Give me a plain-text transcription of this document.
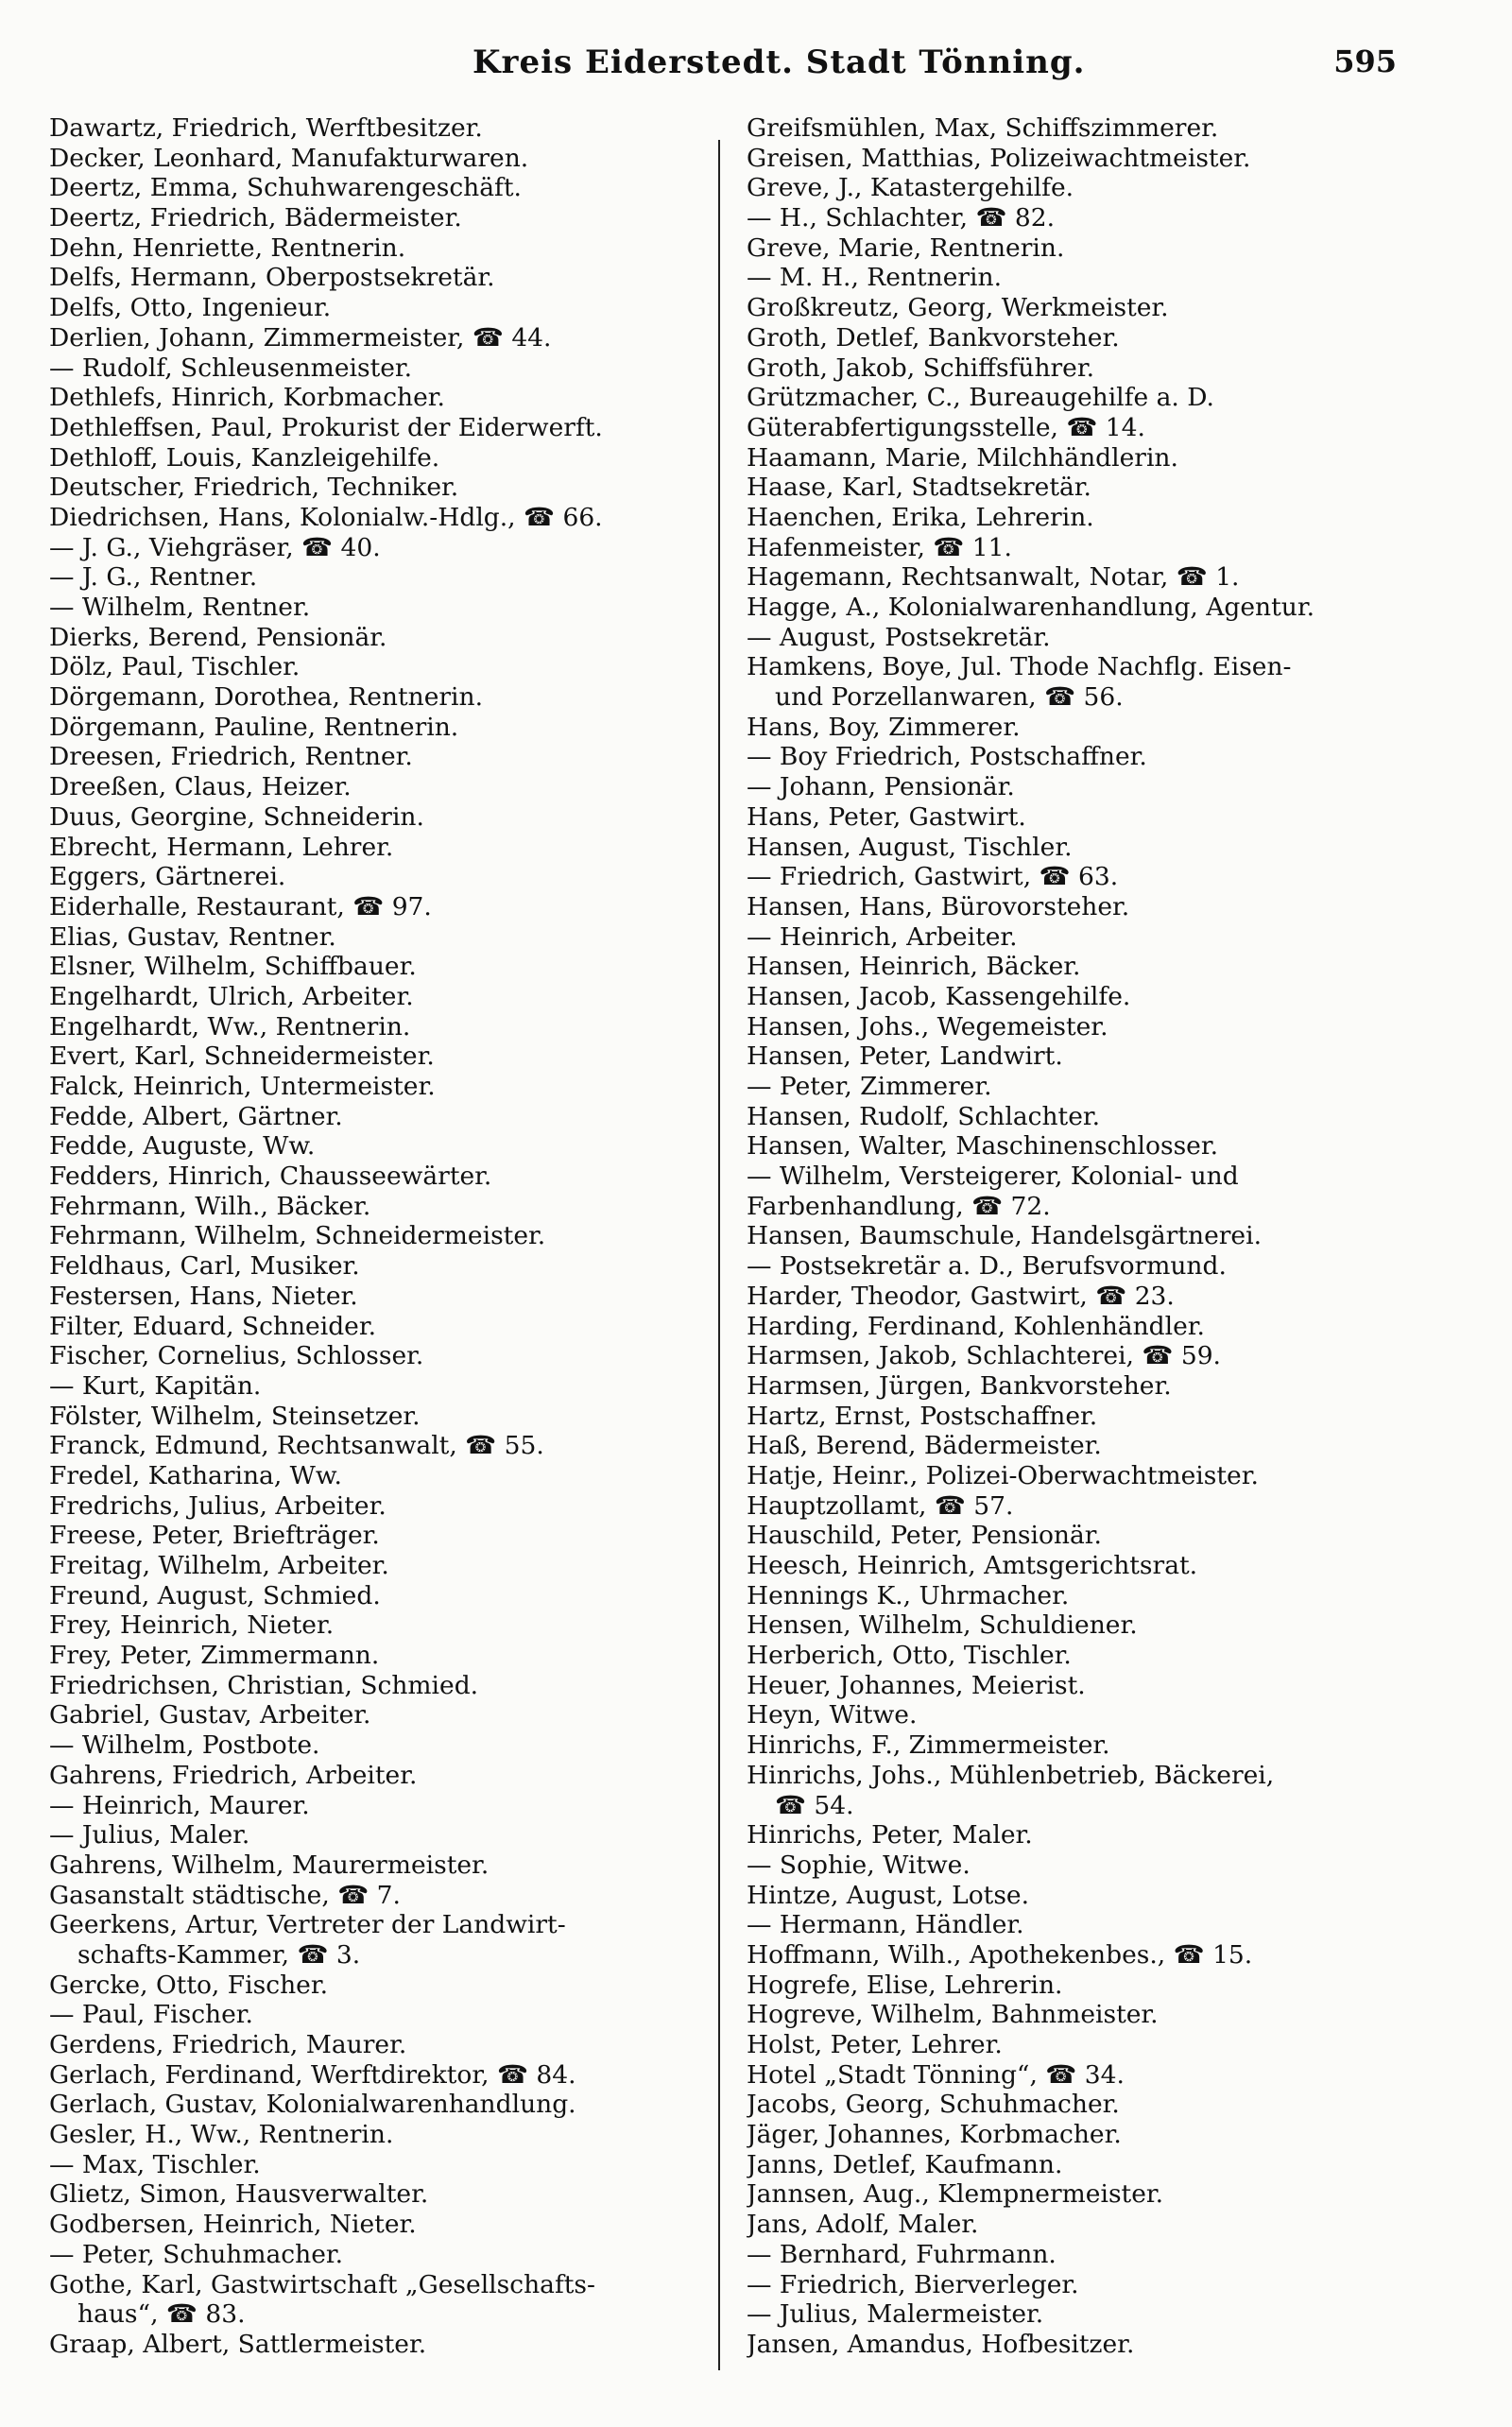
Kreis Eiderstedt. Stadt Tönning.	595
Dawartz, Friedrich, Werftbesitzer.
Decker, Leonhard, Manufakturwaren.
Deertz, Emma, Schuhwarengeschäft.
Deertz, Friedrich, Bädermeister.
Dehn, Henriette, Rentnerin.
Delfs, Hermann, Oberpostsekretär.
Delfs, Otto, Ingenieur.
Derlien, Johann, Zimmermeister, ☎ 44.
— Rudolf, Schleusenmeister.
Dethlefs, Hinrich, Korbmacher.
Dethleffsen, Paul, Prokurist der Eiderwerft.
Dethloff, Louis, Kanzleigehilfe.
Deutscher, Friedrich, Techniker.
Diedrichsen, Hans, Kolonialw.-Hdlg., ☎ 66.
— J. G., Viehgräser, ☎ 40.
— J. G., Rentner.
— Wilhelm, Rentner.
Dierks, Berend, Pensionär.
Dölz, Paul, Tischler.
Dörgemann, Dorothea, Rentnerin.
Dörgemann, Pauline, Rentnerin.
Dreesen, Friedrich, Rentner.
Dreeßen, Claus, Heizer.
Duus, Georgine, Schneiderin.
Ebrecht, Hermann, Lehrer.
Eggers, Gärtnerei.
Eiderhalle, Restaurant, ☎ 97.
Elias, Gustav, Rentner.
Elsner, Wilhelm, Schiffbauer.
Engelhardt, Ulrich, Arbeiter.
Engelhardt, Ww., Rentnerin.
Evert, Karl, Schneidermeister.
Falck, Heinrich, Untermeister.
Fedde, Albert, Gärtner.
Fedde, Auguste, Ww.
Fedders, Hinrich, Chausseewärter.
Fehrmann, Wilh., Bäcker.
Fehrmann, Wilhelm, Schneidermeister.
Feldhaus, Carl, Musiker.
Festersen, Hans, Nieter.
Filter, Eduard, Schneider.
Fischer, Cornelius, Schlosser.
— Kurt, Kapitän.
Fölster, Wilhelm, Steinsetzer.
Franck, Edmund, Rechtsanwalt, ☎ 55.
Fredel, Katharina, Ww.
Fredrichs, Julius, Arbeiter.
Freese, Peter, Briefträger.
Freitag, Wilhelm, Arbeiter.
Freund, August, Schmied.
Frey, Heinrich, Nieter.
Frey, Peter, Zimmermann.
Friedrichsen, Christian, Schmied.
Gabriel, Gustav, Arbeiter.
— Wilhelm, Postbote.
Gahrens, Friedrich, Arbeiter.
— Heinrich, Maurer.
— Julius, Maler.
Gahrens, Wilhelm, Maurermeister.
Gasanstalt städtische, ☎ 7.
Geerkens, Artur, Vertreter der Landwirt-
schafts-Kammer, ☎ 3.
Gercke, Otto, Fischer.
— Paul, Fischer.
Gerdens, Friedrich, Maurer.
Gerlach, Ferdinand, Werftdirektor, ☎ 84.
Gerlach, Gustav, Kolonialwarenhandlung.
Gesler, H., Ww., Rentnerin.
— Max, Tischler.
Glietz, Simon, Hausverwalter.
Godbersen, Heinrich, Nieter.
— Peter, Schuhmacher.
Gothe, Karl, Gastwirtschaft „Gesellschafts-
haus“, ☎ 83.
Graap, Albert, Sattlermeister.
Greifsmühlen, Max, Schiffszimmerer.
Greisen, Matthias, Polizeiwachtmeister.
Greve, J., Katastergehilfe.
— H., Schlachter, ☎ 82.
Greve, Marie, Rentnerin.
— M. H., Rentnerin.
Großkreutz, Georg, Werkmeister.
Groth, Detlef, Bankvorsteher.
Groth, Jakob, Schiffsführer.
Grützmacher, C., Bureaugehilfe a. D.
Güterabfertigungsstelle, ☎ 14.
Haamann, Marie, Milchhändlerin.
Haase, Karl, Stadtsekretär.
Haenchen, Erika, Lehrerin.
Hafenmeister, ☎ 11.
Hagemann, Rechtsanwalt, Notar, ☎ 1.
Hagge, A., Kolonialwarenhandlung, Agentur.
— August, Postsekretär.
Hamkens, Boye, Jul. Thode Nachflg. Eisen-
und Porzellanwaren, ☎ 56.
Hans, Boy, Zimmerer.
— Boy Friedrich, Postschaffner.
— Johann, Pensionär.
Hans, Peter, Gastwirt.
Hansen, August, Tischler.
— Friedrich, Gastwirt, ☎ 63.
Hansen, Hans, Bürovorsteher.
— Heinrich, Arbeiter.
Hansen, Heinrich, Bäcker.
Hansen, Jacob, Kassengehilfe.
Hansen, Johs., Wegemeister.
Hansen, Peter, Landwirt.
— Peter, Zimmerer.
Hansen, Rudolf, Schlachter.
Hansen, Walter, Maschinenschlosser.
— Wilhelm, Versteigerer, Kolonial- und
Farbenhandlung, ☎ 72.
Hansen, Baumschule, Handelsgärtnerei.
— Postsekretär a. D., Berufsvormund.
Harder, Theodor, Gastwirt, ☎ 23.
Harding, Ferdinand, Kohlenhändler.
Harmsen, Jakob, Schlachterei, ☎ 59.
Harmsen, Jürgen, Bankvorsteher.
Hartz, Ernst, Postschaffner.
Haß, Berend, Bädermeister.
Hatje, Heinr., Polizei-Oberwachtmeister.
Hauptzollamt, ☎ 57.
Hauschild, Peter, Pensionär.
Heesch, Heinrich, Amtsgerichtsrat.
Hennings K., Uhrmacher.
Hensen, Wilhelm, Schuldiener.
Herberich, Otto, Tischler.
Heuer, Johannes, Meierist.
Heyn, Witwe.
Hinrichs, F., Zimmermeister.
Hinrichs, Johs., Mühlenbetrieb, Bäckerei,
☎ 54.
Hinrichs, Peter, Maler.
— Sophie, Witwe.
Hintze, August, Lotse.
— Hermann, Händler.
Hoffmann, Wilh., Apothekenbes., ☎ 15.
Hogrefe, Elise, Lehrerin.
Hogreve, Wilhelm, Bahnmeister.
Holst, Peter, Lehrer.
Hotel „Stadt Tönning“, ☎ 34.
Jacobs, Georg, Schuhmacher.
Jäger, Johannes, Korbmacher.
Janns, Detlef, Kaufmann.
Jannsen, Aug., Klempnermeister.
Jans, Adolf, Maler.
— Bernhard, Fuhrmann.
— Friedrich, Bierverleger.
— Julius, Malermeister.
Jansen, Amandus, Hofbesitzer.
